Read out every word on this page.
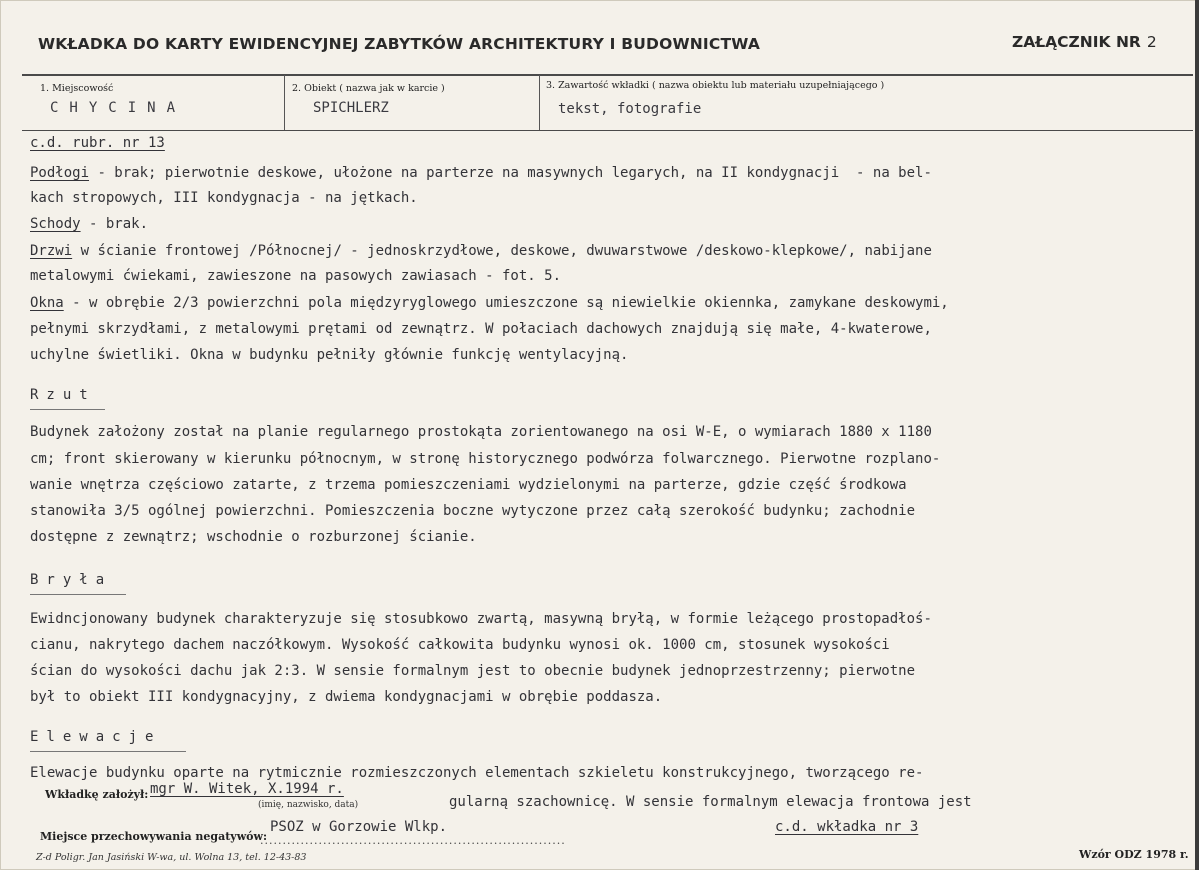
WKŁADKA DO KARTY EWIDENCYJNEJ ZABYTKÓW ARCHITEKTURY I BUDOWNICTWA	ZAŁĄCZNIK NR 2
1. Miejscowość
CHYCINA
2. Obiekt ( nazwa jak w karcie )
SPICHLERZ
3. Zawartość wkładki ( nazwa obiektu lub materiału uzupełniającego )
tekst, fotografie
c.d. rubr. nr 13
Podłogi - brak; pierwotnie deskowe, ułożone na parterze na masywnych legarych, na II kondygnacji  - na bel-
kach stropowych, III kondygnacja - na jętkach.
Schody - brak.
Drzwi w ścianie frontowej /Północnej/ - jednoskrzydłowe, deskowe, dwuwarstwowe /deskowo-klepkowe/, nabijane
metalowymi ćwiekami, zawieszone na pasowych zawiasach - fot. 5.
Okna - w obrębie 2/3 powierzchni pola międzyryglowego umieszczone są niewielkie okiennka, zamykane deskowymi,
pełnymi skrzydłami, z metalowymi prętami od zewnątrz. W połaciach dachowych znajdują się małe, 4-kwaterowe,
uchylne świetliki. Okna w budynku pełniły głównie funkcję wentylacyjną.
Rzut
Budynek założony został na planie regularnego prostokąta zorientowanego na osi W-E, o wymiarach 1880 x 1180
cm; front skierowany w kierunku północnym, w stronę historycznego podwórza folwarcznego. Pierwotne rozplano-
wanie wnętrza częściowo zatarte, z trzema pomieszczeniami wydzielonymi na parterze, gdzie część środkowa
stanowiła 3/5 ogólnej powierzchni. Pomieszczenia boczne wytyczone przez całą szerokość budynku; zachodnie
dostępne z zewnątrz; wschodnie o rozburzonej ścianie.
Bryła
Ewidncjonowany budynek charakteryzuje się stosubkowo zwartą, masywną bryłą, w formie leżącego prostopadłoś-
cianu, nakrytego dachem naczółkowym. Wysokość całkowita budynku wynosi ok. 1000 cm, stosunek wysokości
ścian do wysokości dachu jak 2:3. W sensie formalnym jest to obecnie budynek jednoprzestrzenny; pierwotne
był to obiekt III kondygnacyjny, z dwiema kondygnacjami w obrębie poddasza.
Elewacje
Elewacje budynku oparte na rytmicznie rozmieszczonych elementach szkieletu konstrukcyjnego, tworzącego re-
gularną szachownicę. W sensie formalnym elewacja frontowa jest
Wkładkę założył: mgr W. Witek, X.1994 r.
(imię, nazwisko, data)
Miejsce przechowywania negatywów:
....................................................................
PSOZ w Gorzowie Wlkp.	c.d. wkładka nr 3
Z-d Poligr. Jan Jasiński W-wa, ul. Wolna 13, tel. 12-43-83	Wzór ODZ 1978 r.
